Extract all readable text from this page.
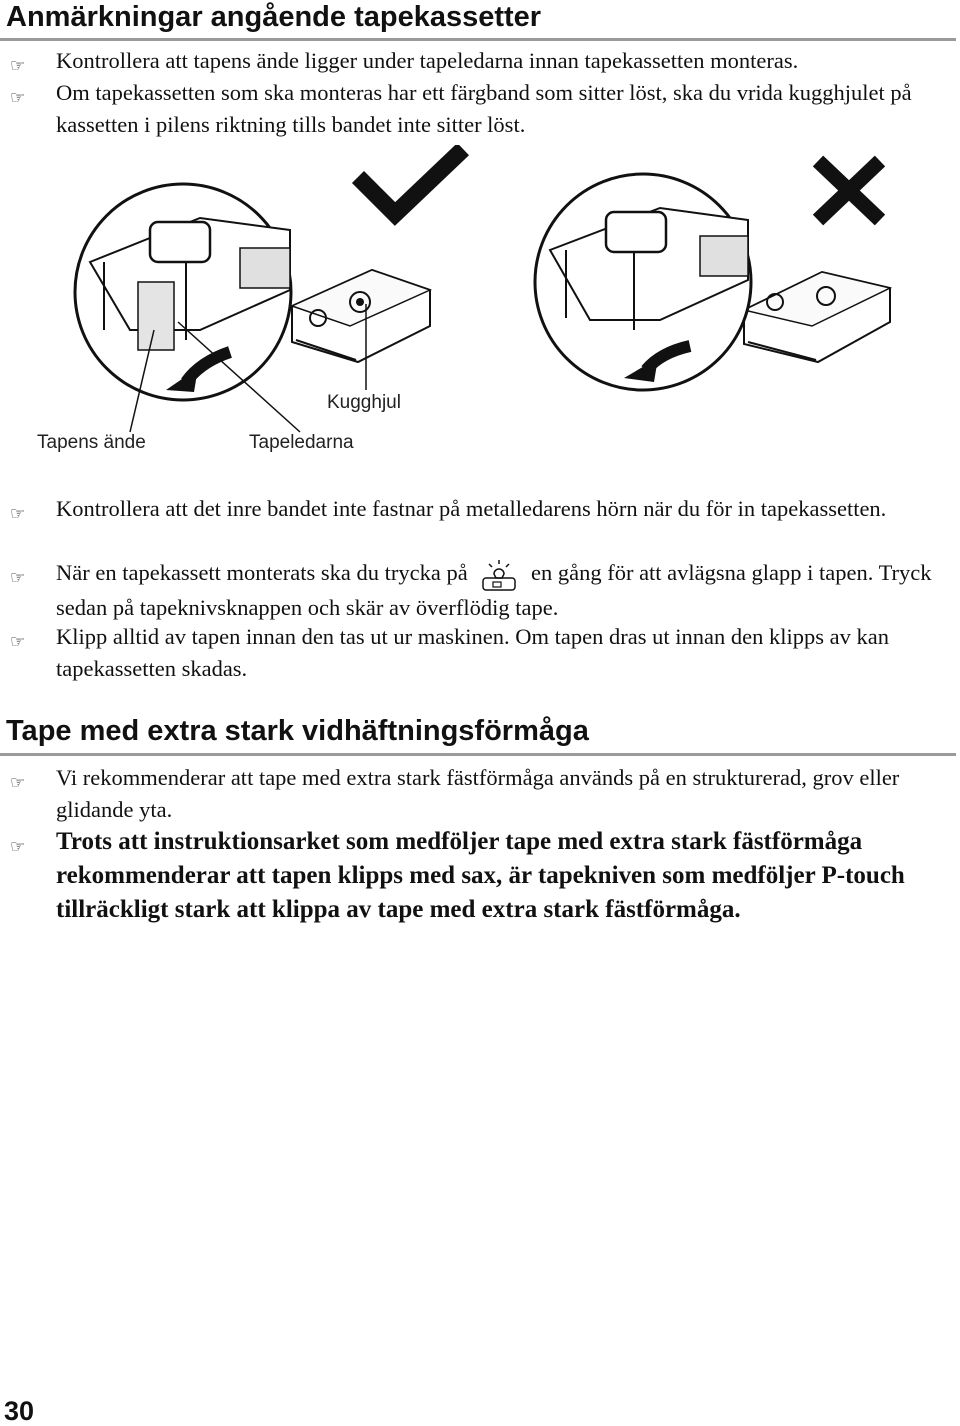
Anmärkningar angående tapekassetter
☞	Kontrollera att tapens ände ligger under tapeledarna innan tapekassetten monteras.

☞	Om tapekassetten som ska monteras har ett färgband som sitter löst, ska du vrida kugghjulet på kassetten i pilens riktning tills bandet inte sitter löst.

Tapens ände	Tapeledarna
Kugghjul
☞	Kontrollera att det inre bandet inte fastnar på metalledarens hörn när du för in tapekassetten.

☞	När en tapekassett monterats ska du trycka på	en gång för att avlägsna glapp i tapen. Tryck sedan på tapeknivsknappen och skär av överflödig tape.

☞	Klipp alltid av tapen innan den tas ut ur maskinen. Om tapen dras ut innan den klipps av kan tapekassetten skadas.

Tape med extra stark vidhäftningsförmåga
☞	Vi rekommenderar att tape med extra stark fästförmåga används på en strukturerad, grov eller glidande yta.

☞	Trots att instruktionsarket som medföljer tape med extra stark fästförmåga rekommenderar att tapen klipps med sax, är tapekniven som medföljer P-touch tillräckligt stark att klippa av tape med extra stark fästförmåga.

30
